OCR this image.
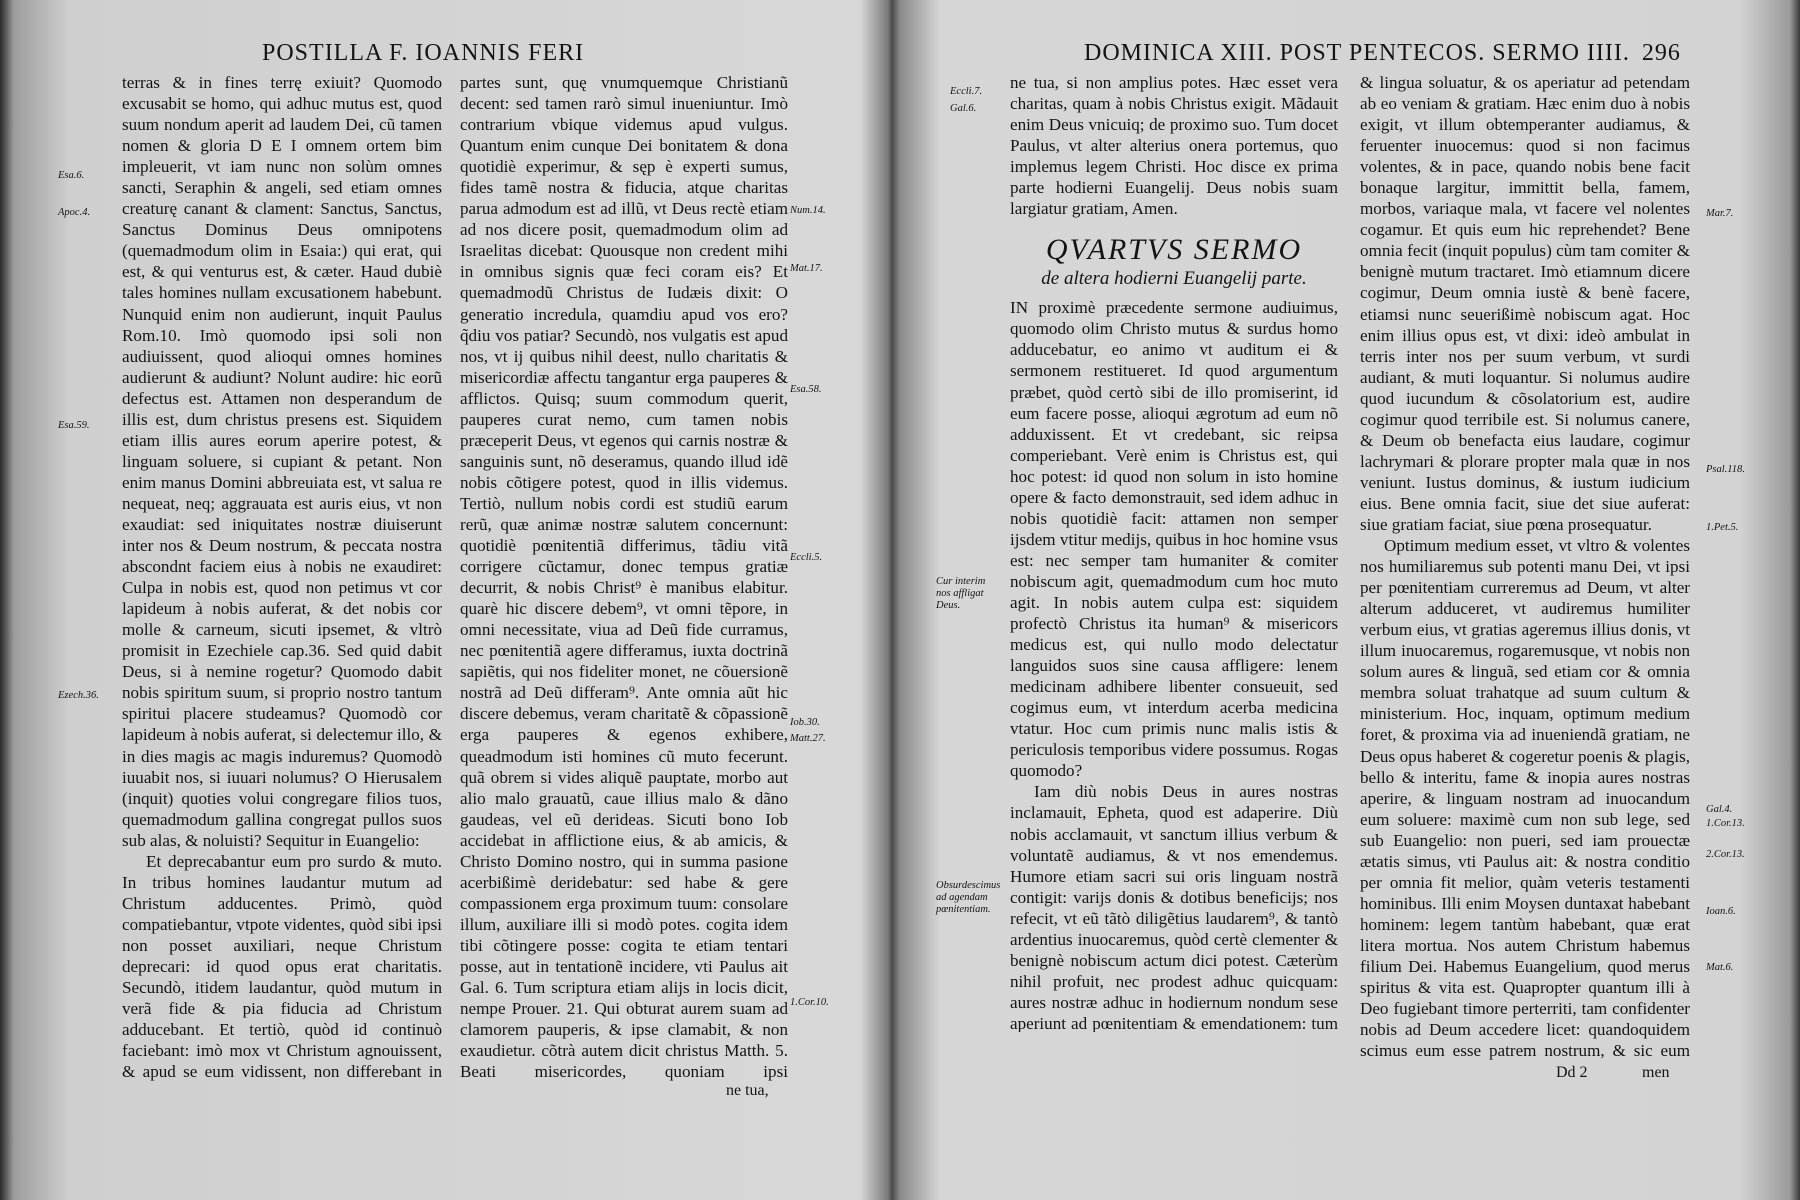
POSTILLA F. IOANNIS FERI

terras & in fines terrę exiuit? Quomodo excusabit se homo, qui adhuc mutus est, quod suum nondum aperit ad laudem Dei, cũ tamen nomen & gloria D E I omnem ortem bim impleuerit, vt iam nunc non solùm omnes sancti, Seraphin & angeli, sed etiam omnes creaturę canant & clament: Sanctus, Sanctus, Sanctus Dominus Deus omnipotens (quemadmodum olim in Esaia:) qui erat, qui est, & qui venturus est, & cæter. Haud dubiè tales homines nullam excusationem habebunt. Nunquid enim non audierunt, inquit Paulus Rom.10. Imò quomodo ipsi soli non audiuissent, quod alioqui omnes homines audierunt & audiunt? Nolunt audire: hic eorũ defectus est. Attamen non desperandum de illis est, dum christus presens est. Siquidem etiam illis aures eorum aperire potest, & linguam soluere, si cupiant & petant. Non enim manus Domini abbreuiata est, vt salua re nequeat, neq; aggrauata est auris eius, vt non exaudiat: sed iniquitates nostræ diuiserunt inter nos & Deum nostrum, & peccata nostra abscondnt faciem eius à nobis ne exaudiret: Culpa in nobis est, quod non petimus vt cor lapideum à nobis auferat, & det nobis cor molle & carneum, sicuti ipsemet, & vltrò promisit in Ezechiele cap.36. Sed quid dabit Deus, si à nemine rogetur? Quomodo dabit nobis spiritum suum, si proprio nostro tantum spiritui placere studeamus? Quomodò cor lapideum à nobis auferat, si delectemur illo, & in dies magis ac magis induremus? Quomodò iuuabit nos, si iuuari nolumus? O Hierusalem (inquit) quoties volui congregare filios tuos, quemadmodum gallina congregat pullos suos sub alas, & noluisti? Sequitur in Euangelio:

Et deprecabantur eum pro surdo & muto. In tribus homines laudantur mutum ad Christum adducentes. Primò, quòd compatiebantur, vtpote videntes, quòd sibi ipsi non posset auxiliari, neque Christum deprecari: id quod opus erat charitatis. Secundò, itidem laudantur, quòd mutum in verã fide & pia fiducia ad Christum adducebant. Et tertiò, quòd id continuò faciebant: imò mox vt Christum agnouissent, & apud se eum vidissent, non differebant in

partes sunt, quę vnumquemque Christianũ decent: sed tamen rarò simul inueniuntur. Imò contrarium vbique videmus apud vulgus. Quantum enim cunque Dei bonitatem & dona quotidiè experimur, & sęp è experti sumus, fides tamẽ nostra & fiducia, atque charitas parua admodum est ad illũ, vt Deus rectè etiam ad nos dicere posit, quemadmodum olim ad Israelitas dicebat: Quousque non credent mihi in omnibus signis quæ feci coram eis? Et quemadmodũ Christus de Iudæis dixit: O generatio incredula, quamdiu apud vos ero? q̃diu vos patiar? Secundò, nos vulgatis est apud nos, vt ij quibus nihil deest, nullo charitatis & misericordiæ affectu tangantur erga pauperes & afflictos. Quisq; suum commodum querit, pauperes curat nemo, cum tamen nobis præceperit Deus, vt egenos qui carnis nostræ & sanguinis sunt, nõ deseramus, quando illud idẽ nobis cõtigere potest, quod in illis videmus. Tertiò, nullum nobis cordi est studiũ earum rerũ, quæ animæ nostræ salutem concernunt: quotidiè pœnitentiã differimus, tãdiu vitã corrigere cũctamur, donec tempus gratiæ decurrit, & nobis Christ⁹ è manibus elabitur. quarè hic discere debem⁹, vt omni tẽpore, in omni necessitate, viua ad Deũ fide curramus, nec pœnitentiã agere differamus, iuxta doctrinã sapiẽtis, qui nos fideliter monet, ne cõuersionẽ nostrã ad Deũ differam⁹. Ante omnia aũt hic discere debemus, veram charitatẽ & cõpassionẽ erga pauperes & egenos exhibere, queadmodum isti homines cũ muto fecerunt. quã obrem si vides aliquẽ pauptate, morbo aut alio malo grauatũ, caue illius malo & dãno gaudeas, vel eũ derideas. Sicuti bono Iob accidebat in afflictione eius, & ab amicis, & Christo Domino nostro, qui in summa pasione acerbißimè deridebatur: sed habe & gere compassionem erga proximum tuum: consolare illum, auxiliare illi si modò potes. cogita idem tibi cõtingere posse: cogita te etiam tentari posse, aut in tentationẽ incidere, vti Paulus ait Gal. 6. Tum scriptura etiam alijs in locis dicit, nempe Prouer. 21. Qui obturat aurem suam ad clamorem pauperis, & ipse clamabit, & non exaudietur. cõtrà autem dicit christus Matth. 5. Beati misericordes, quoniam ipsi

ne tua,
Esa.6.
Apoc.4.
Esa.59.
Ezech.36.
Num.14.
Mat.17.
Esa.58.
Eccli.5.
Iob.30.
Matt.27.
1.Cor.10.
DOMINICA XIII. POST PENTECOS. SERMO IIII. 296

ne tua, si non amplius potes. Hæc esset vera charitas, quam à nobis Christus exigit. Mãdauit enim Deus vnicuiq; de proximo suo. Tum docet Paulus, vt alter alterius onera portemus, quo implemus legem Christi. Hoc disce ex prima parte hodierni Euangelij. Deus nobis suam largiatur gratiam, Amen.

QVARTVS SERMO
de altera hodierni Euangelij parte.

IN proximè præcedente sermone audiuimus, quomodo olim Christo mutus & surdus homo adducebatur, eo animo vt auditum ei & sermonem restitueret. Id quod argumentum præbet, quòd certò sibi de illo promiserint, id eum facere posse, alioqui ægrotum ad eum nõ adduxissent. Et vt credebant, sic reipsa comperiebant. Verè enim is Christus est, qui hoc potest: id quod non solum in isto homine opere & facto demonstrauit, sed idem adhuc in nobis quotidiè facit: attamen non semper ijsdem vtitur medijs, quibus in hoc homine vsus est: nec semper tam humaniter & comiter nobiscum agit, quemadmodum cum hoc muto agit. In nobis autem culpa est: siquidem profectò Christus ita human⁹ & misericors medicus est, qui nullo modo delectatur languidos suos sine causa affligere: lenem medicinam adhibere libenter consueuit, sed cogimus eum, vt interdum acerba medicina vtatur. Hoc cum primis nunc malis istis & periculosis temporibus videre possumus. Rogas quomodo?

Iam diù nobis Deus in aures nostras inclamauit, Epheta, quod est adaperire. Diù nobis acclamauit, vt sanctum illius verbum & voluntatẽ audiamus, & vt nos emendemus. Humore etiam sacri sui oris linguam nostrã contigit: varijs donis & dotibus beneficijs; nos refecit, vt eũ tãtò diligẽtius laudarem⁹, & tantò ardentius inuocaremus, quòd certè clementer & benignè nobiscum actum dici potest. Cæterùm nihil profuit, nec prodest adhuc quicquam: aures nostræ adhuc in hodiernum nondum sese aperiunt ad pœnitentiam & emendationem: tum

& lingua soluatur, & os aperiatur ad petendam ab eo veniam & gratiam. Hæc enim duo à nobis exigit, vt illum obtemperanter audiamus, & feruenter inuocemus: quod si non facimus volentes, & in pace, quando nobis bene facit bonaque largitur, immittit bella, famem, morbos, variaque mala, vt facere vel nolentes cogamur. Et quis eum hic reprehendet? Bene omnia fecit (inquit populus) cùm tam comiter & benignè mutum tractaret. Imò etiamnum dicere cogimur, Deum omnia iustè & benè facere, etiamsi nunc seuerißimè nobiscum agat. Hoc enim illius opus est, vt dixi: ideò ambulat in terris inter nos per suum verbum, vt surdi audiant, & muti loquantur. Si nolumus audire quod iucundum & cõsolatorium est, audire cogimur quod terribile est. Si nolumus canere, & Deum ob benefacta eius laudare, cogimur lachrymari & plorare propter mala quæ in nos veniunt. Iustus dominus, & iustum iudicium eius. Bene omnia facit, siue det siue auferat: siue gratiam faciat, siue pœna prosequatur.

Optimum medium esset, vt vltro & volentes nos humiliaremus sub potenti manu Dei, vt ipsi per pœnitentiam curreremus ad Deum, vt alter alterum adduceret, vt audiremus humiliter verbum eius, vt gratias ageremus illius donis, vt illum inuocaremus, rogaremusque, vt nobis non solum aures & linguã, sed etiam cor & omnia membra soluat trahatque ad suum cultum & ministerium. Hoc, inquam, optimum medium foret, & proxima via ad inueniendã gratiam, ne Deus opus haberet & cogeretur poenis & plagis, bello & interitu, fame & inopia aures nostras aperire, & linguam nostram ad inuocandum eum soluere: maximè cum non sub lege, sed sub Euangelio: non pueri, sed iam prouectæ ætatis simus, vti Paulus ait: & nostra conditio per omnia fit melior, quàm veteris testamenti hominibus. Illi enim Moysen duntaxat habebant hominem: legem tantùm habebant, quæ erat litera mortua. Nos autem Christum habemus filium Dei. Habemus Euangelium, quod merus spiritus & vita est. Quapropter quantum illi à Deo fugiebant timore perterriti, tam confidenter nobis ad Deum accedere licet: quandoquidem scimus eum esse patrem nostrum, & sic eum

Dd 2	men
Eccli.7.
Gal.6.
Mar.7.
Psal.118.
1.Pet.5.
Gal.4.
1.Cor.13.
2.Cor.13.
Ioan.6.
Mat.6.
Cur interim nos affligat Deus.
Obsurdescimus ad agendam pœnitentiam.
